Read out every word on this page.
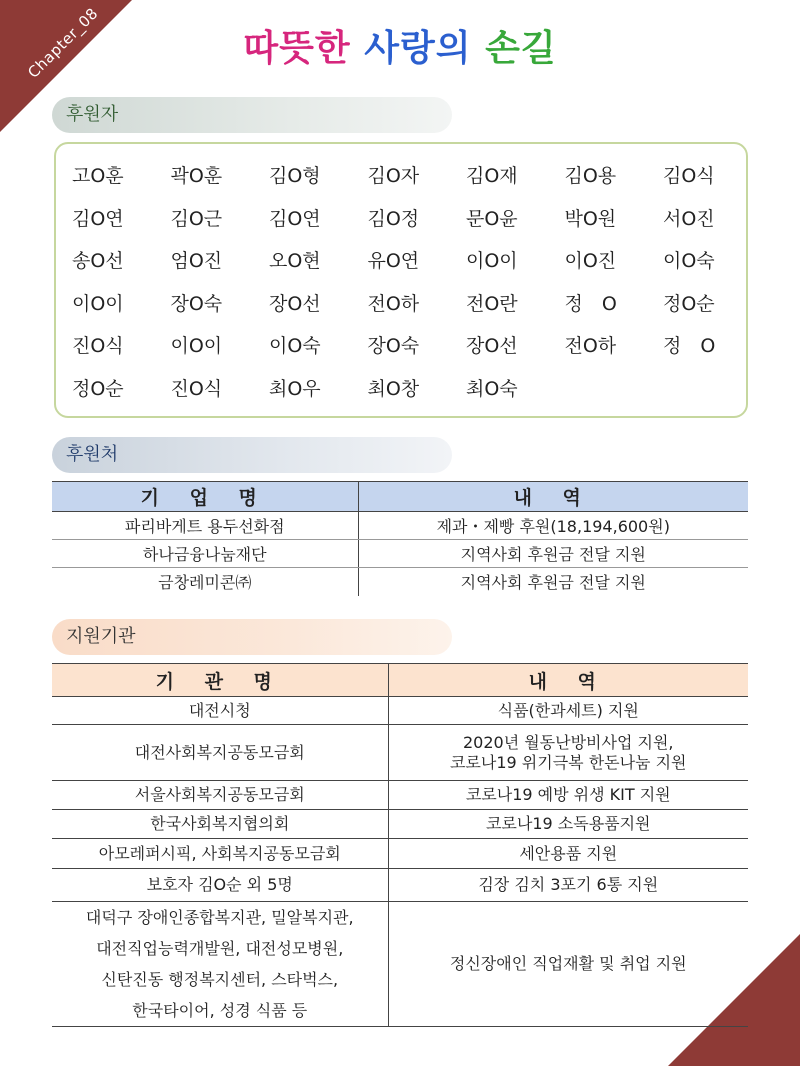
Chapter_08	따뜻한 사랑의 손길
후원자
고O훈	곽O훈	김O형	김O자	김O재	김O용	김O식
김O연	김O근	김O연	김O정	문O윤	박O원	서O진
송O선	엄O진	오O현	유O연	이O이	이O진	이O숙
이O이	장O숙	장O선	전O하	전O란	정　O	정O순
진O식	이O이	이O숙	장O숙	장O선	전O하	정　O
정O순	진O식	최O우	최O창	최O숙
후원처
기 업 명	내 역
파리바게트 용두선화점	제과・제빵 후원(18,194,600원)
하나금융나눔재단	지역사회 후원금 전달 지원
금창레미콘㈜	지역사회 후원금 전달 지원
지원기관
기 관 명	내 역

대전시청	식품(한과세트) 지원

대전사회복지공동모금회	2020년 월동난방비사업 지원,
코로나19 위기극복 한돈나눔 지원

서울사회복지공동모금회	코로나19 예방 위생 KIT 지원

한국사회복지협의회	코로나19 소독용품지원

아모레퍼시픽, 사회복지공동모금회	세안용품 지원

보호자 김O순 외 5명	김장 김치 3포기 6통 지원

대덕구 장애인종합복지관, 밀알복지관,
대전직업능력개발원, 대전성모병원,
신탄진동 행정복지센터, 스타벅스,
한국타이어, 성경 식품 등	정신장애인 직업재활 및 취업 지원
